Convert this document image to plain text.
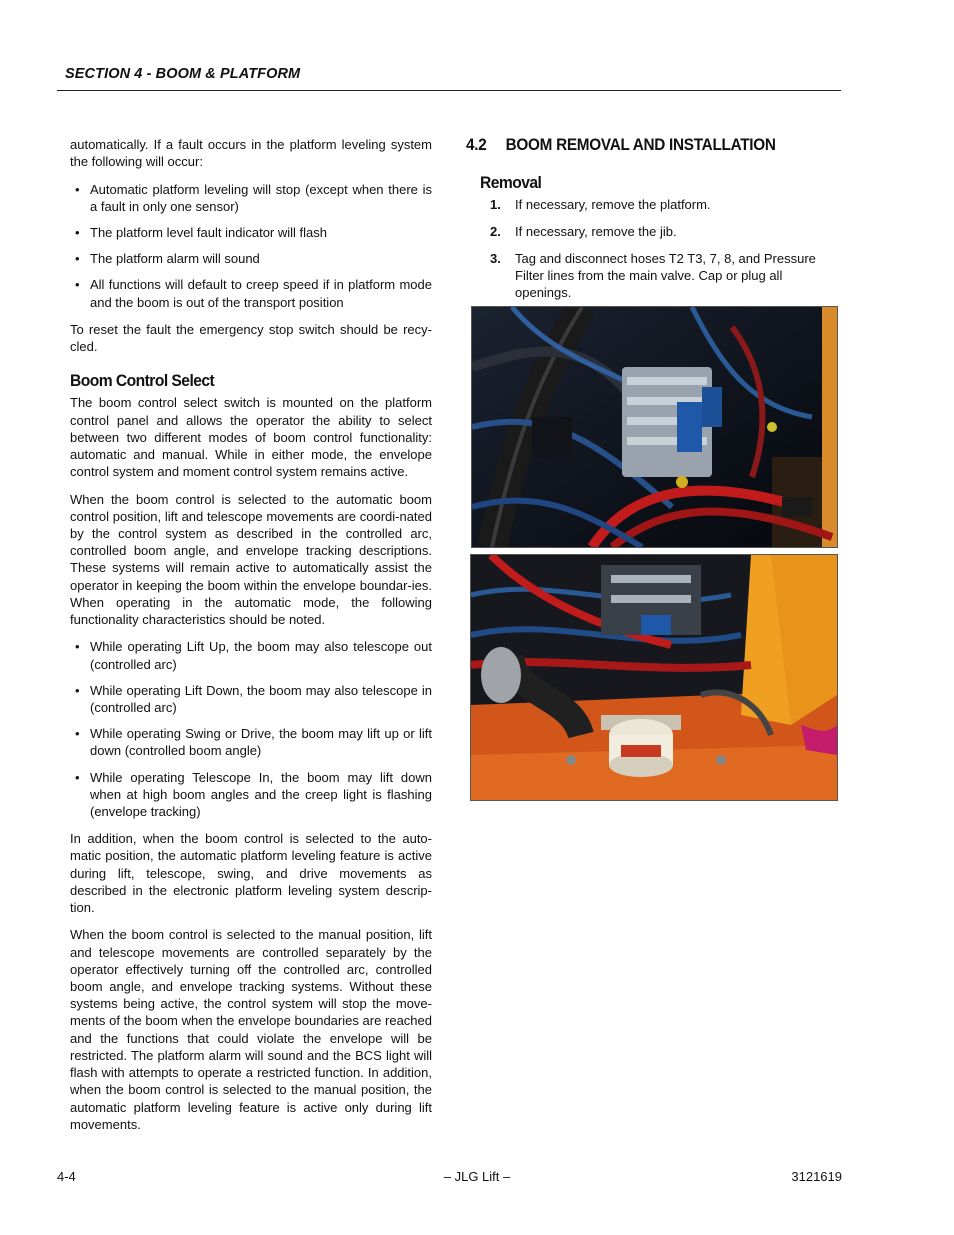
SECTION 4 - BOOM & PLATFORM

automatically. If a fault occurs in the platform leveling system the following will occur:

• Automatic platform leveling will stop (except when there is a fault in only one sensor)
• The platform level fault indicator will flash
• The platform alarm will sound
• All functions will default to creep speed if in platform mode and the boom is out of the transport position

To reset the fault the emergency stop switch should be recy-cled.

Boom Control Select

The boom control select switch is mounted on the platform control panel and allows the operator the ability to select between two different modes of boom control functionality: automatic and manual. While in either mode, the envelope control system and moment control system remains active.

When the boom control is selected to the automatic boom control position, lift and telescope movements are coordi-nated by the control system as described in the controlled arc, controlled boom angle, and envelope tracking descriptions. These systems will remain active to automatically assist the operator in keeping the boom within the envelope boundar-ies. When operating in the automatic mode, the following functionality characteristics should be noted.

• While operating Lift Up, the boom may also telescope out (controlled arc)
• While operating Lift Down, the boom may also telescope in (controlled arc)
• While operating Swing or Drive, the boom may lift up or lift down (controlled boom angle)
• While operating Telescope In, the boom may lift down when at high boom angles and the creep light is flashing (envelope tracking)

In addition, when the boom control is selected to the auto-matic position, the automatic platform leveling feature is active during lift, telescope, swing, and drive movements as described in the electronic platform leveling system descrip-tion.

When the boom control is selected to the manual position, lift and telescope movements are controlled separately by the operator effectively turning off the controlled arc, controlled boom angle, and envelope tracking systems. Without these systems being active, the control system will stop the move-ments of the boom when the envelope boundaries are reached and the functions that could violate the envelope will be restricted. The platform alarm will sound and the BCS light will flash with attempts to operate a restricted function. In addition, when the boom control is selected to the manual position, the automatic platform leveling feature is active only during lift movements.

4.2 BOOM REMOVAL AND INSTALLATION
Removal
1. If necessary, remove the platform.
2. If necessary, remove the jib.
3. Tag and disconnect hoses T2 T3, 7, 8, and Pressure Filter lines from the main valve. Cap or plug all openings.
4-4	– JLG Lift –	3121619
